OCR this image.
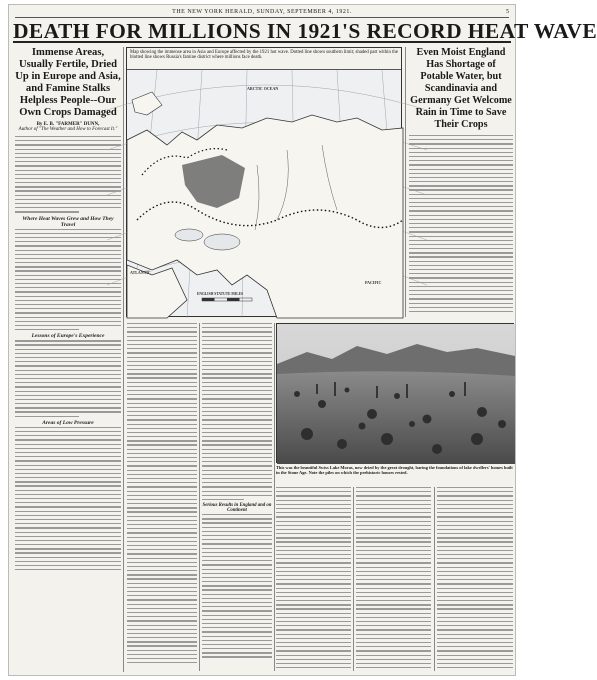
THE NEW YORK HERALD, SUNDAY, SEPTEMBER 4, 1921.	5
DEATH FOR MILLIONS IN 1921'S RECORD HEAT WAVE
Immense Areas, Usually Fertile, Dried Up in Europe and Asia, and Famine Stalks Helpless People--Our Own Crops Damaged
By E. B. "FARMER" DUNN,
Author of "The Weather and How to Forecast It."
Where Heat Waves Grew and How They Travel
Lessons of Europe's Experience
Areas of Low Pressure
Map showing the immense area in Asia and Europe affected by the 1921 hot wave. Dotted line shows southern limit; shaded part within the blotted line shows Russia's famine district where millions face death.
ARCTIC OCEAN
ENGLISH STATUTE MILES
PACIFIC
ATLANTIC
Even Moist England Has Shortage of Potable Water, but Scandinavia and Germany Get Welcome Rain in Time to Save Their Crops
Serious Results in England and on Continent
This was the beautiful Swiss Lake Moras, now dried by the great drought, baring the foundations of lake dwellers' homes built in the Stone Age. Note the piles on which the prehistoric houses rested.
